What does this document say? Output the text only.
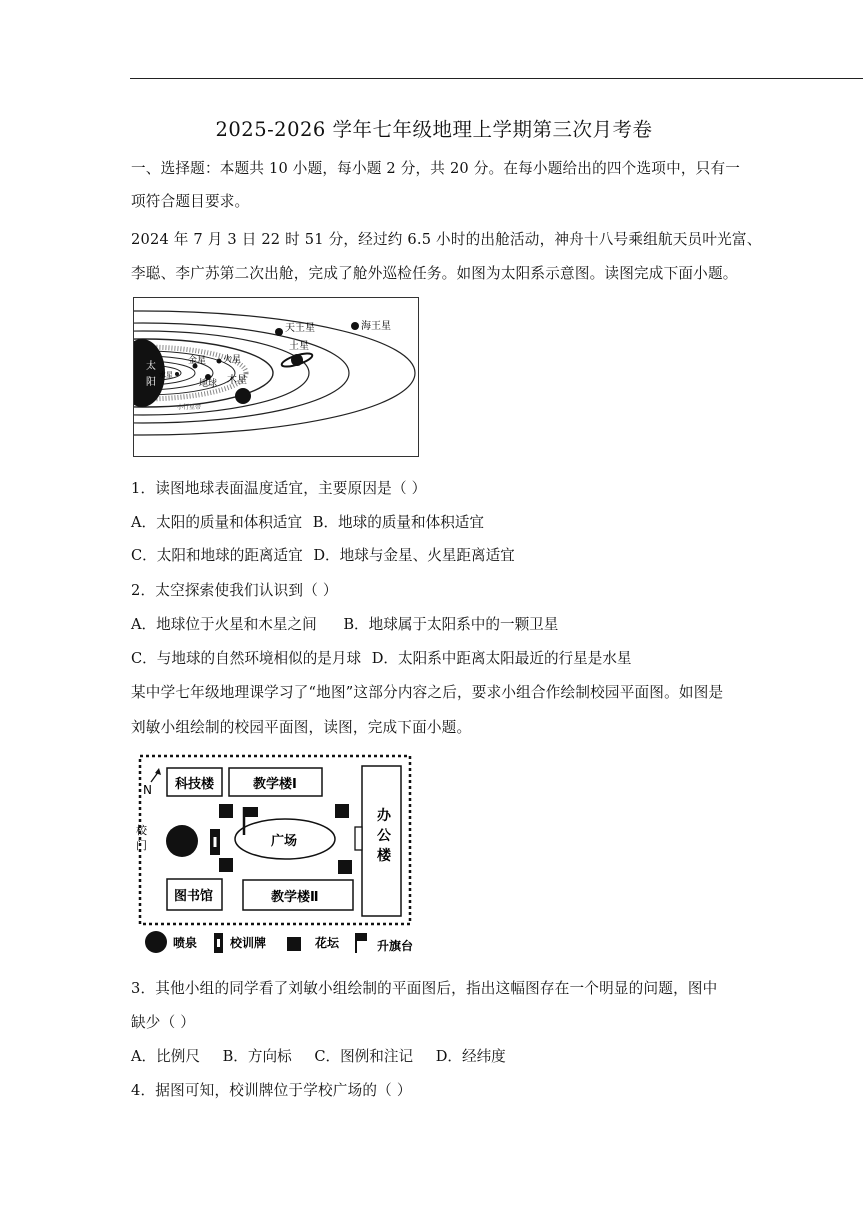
2025-2026 学年七年级地理上学期第三次月考卷
一、选择题：本题共 10 小题，每小题 2 分，共 20 分。在每小题给出的四个选项中，只有一
项符合题目要求。
2024 年 7 月 3 日 22 时 51 分，经过约 6.5 小时的出舱活动，神舟十八号乘组航天员叶光富、
李聪、李广苏第二次出舱，完成了舱外巡检任务。如图为太阳系示意图。读图完成下面小题。
太
阳
水星
金星
地球
火星
小行星带
木星
土星
天王星	海王星
1．读图地球表面温度适宜，主要原因是（ ）
A．太阳的质量和体积适宜 B．地球的质量和体积适宜
C．太阳和地球的距离适宜 D．地球与金星、火星距离适宜
2．太空探索使我们认识到（ ）
A．地球位于火星和木星之间 B．地球属于太阳系中的一颗卫星
C．与地球的自然环境相似的是月球 D．太阳系中距离太阳最近的行星是水星
某中学七年级地理课学习了“地图”这部分内容之后，要求小组合作绘制校园平面图。如图是
刘敏小组绘制的校园平面图，读图，完成下面小题。
N 科技楼	教学楼Ⅰ
办
公
楼
图书馆	教学楼Ⅱ
校
门	广场
喷泉	校训牌	花坛	升旗台
3．其他小组的同学看了刘敏小组绘制的平面图后，指出这幅图存在一个明显的问题，图中
缺少（ ）
A．比例尺 B．方向标 C．图例和注记 D．经纬度
4．据图可知，校训牌位于学校广场的（ ）
